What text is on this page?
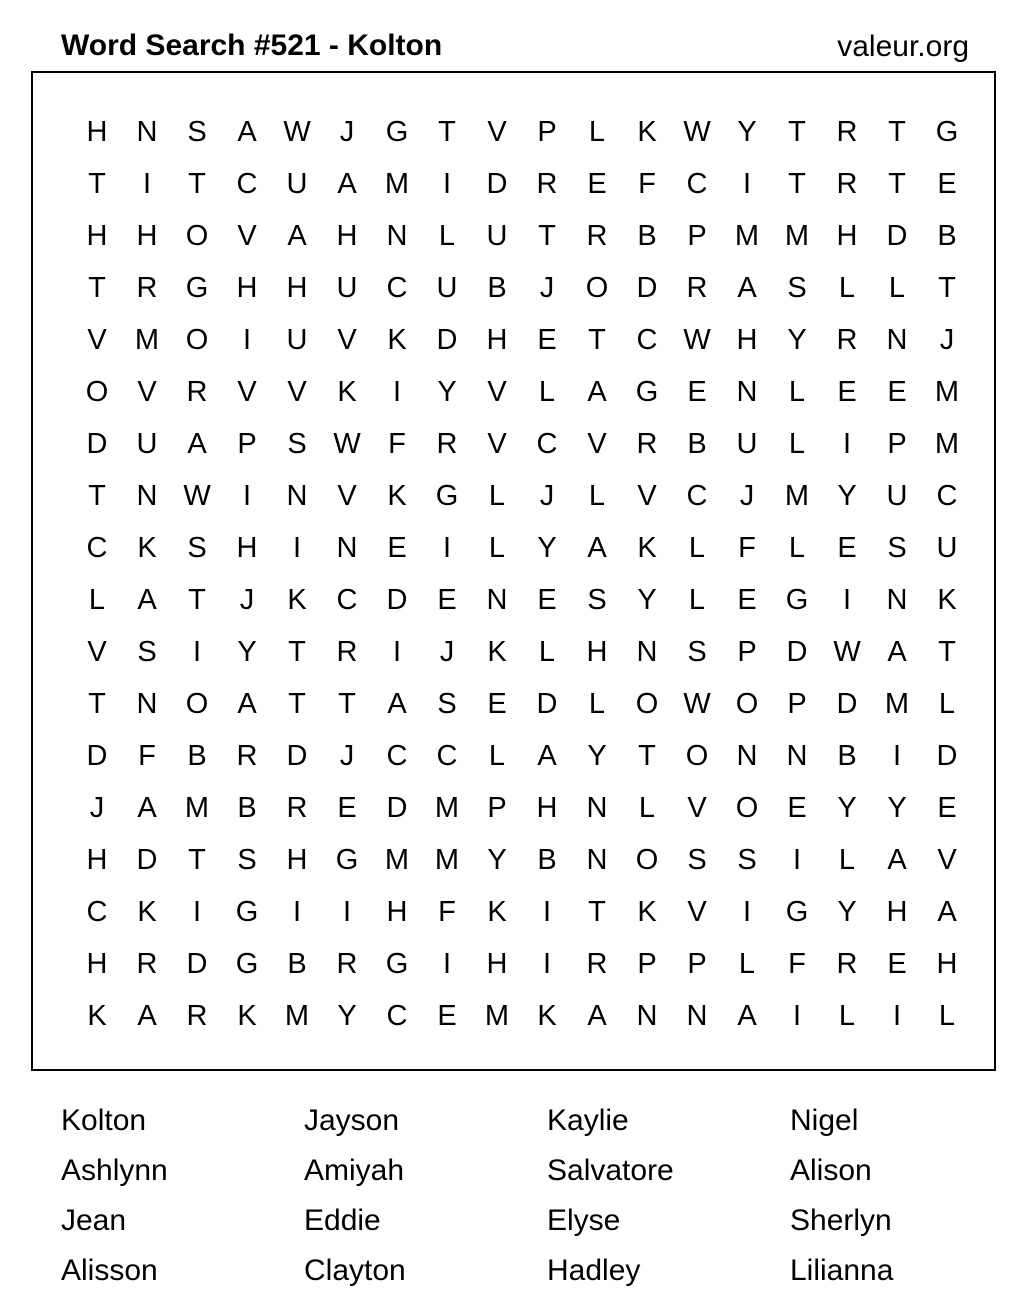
Word Search #521 - Kolton	valeur.org
H	N	S	A W	J	G	T	V	P	L	K W Y	T	R	T	G
T	I	T	C	U	A M	I	D	R	E	F	C	I	T	R	T	E
H	H O	V	A	H	N	L	U	T	R	B	P M M H	D	B
T	R G H	H	U	C	U	B	J	O D	R	A	S	L	L	T
V M O	I	U	V	K	D	H	E	T	C W H	Y	R	N	J
O	V	R	V	V	K	I	Y	V	L	A	G	E	N	L	E	E M
D	U	A	P	S W F	R	V	C	V	R	B	U	L	I	P M
T	N W	I	N	V	K	G	L	J	L	V	C	J	M Y	U	C
C	K	S	H	I	N	E	I	L	Y	A	K	L	F	L	E	S	U
L	A	T	J	K	C	D	E	N	E	S	Y	L	E	G	I	N	K
V	S	I	Y	T	R	I	J	K	L	H	N	S	P	D W A	T
T	N O	A	T	T	A	S	E	D	L	O W O	P	D M	L
D	F	B	R	D	J	C	C	L	A	Y	T	O N	N	B	I	D
J	A M B	R	E	D M P	H	N	L	V	O	E	Y	Y	E
H	D	T	S	H G M M Y	B	N O	S	S	I	L	A	V
C	K	I	G	I	I	H	F	K	I	T	K	V	I	G	Y	H	A
H	R	D G	B	R G	I	H	I	R	P	P	L	F	R	E	H
K	A	R	K M Y	C	E M K	A	N	N	A	I	L	I	L
Kolton	Jayson	Kaylie	Nigel
Ashlynn	Amiyah	Salvatore	Alison
Jean	Eddie	Elyse	Sherlyn
Alisson	Clayton	Hadley	Lilianna
